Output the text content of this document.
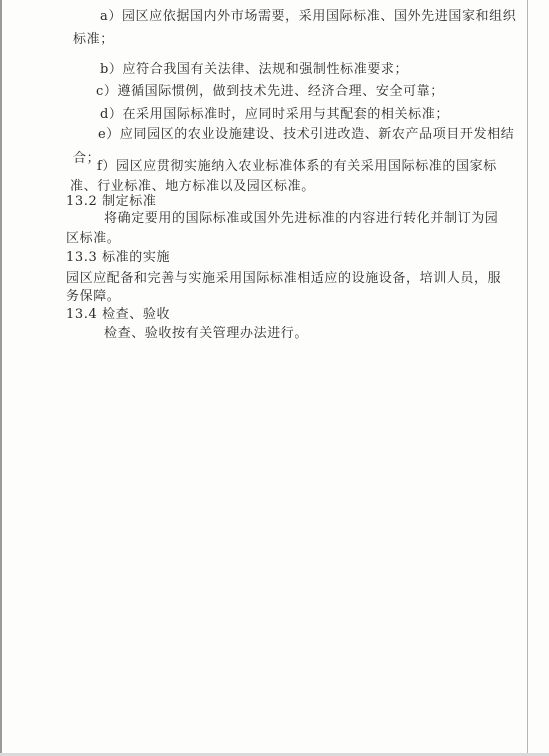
a）园区应依据国内外市场需要，采用国际标准、国外先进国家和组织
标准；
b）应符合我国有关法律、法规和强制性标准要求；
c）遵循国际惯例，做到技术先进、经济合理、安全可靠；
d）在采用国际标准时，应同时采用与其配套的相关标准；
e）应同园区的农业设施建设、技术引进改造、新农产品项目开发相结
合；
f）园区应贯彻实施纳入农业标准体系的有关采用国际标准的国家标
准、行业标准、地方标准以及园区标准。
13.2 制定标准
将确定要用的国际标准或国外先进标准的内容进行转化并制订为园
区标准。
13.3 标准的实施
园区应配备和完善与实施采用国际标准相适应的设施设备，培训人员，服
务保障。
13.4 检查、验收
检查、验收按有关管理办法进行。
